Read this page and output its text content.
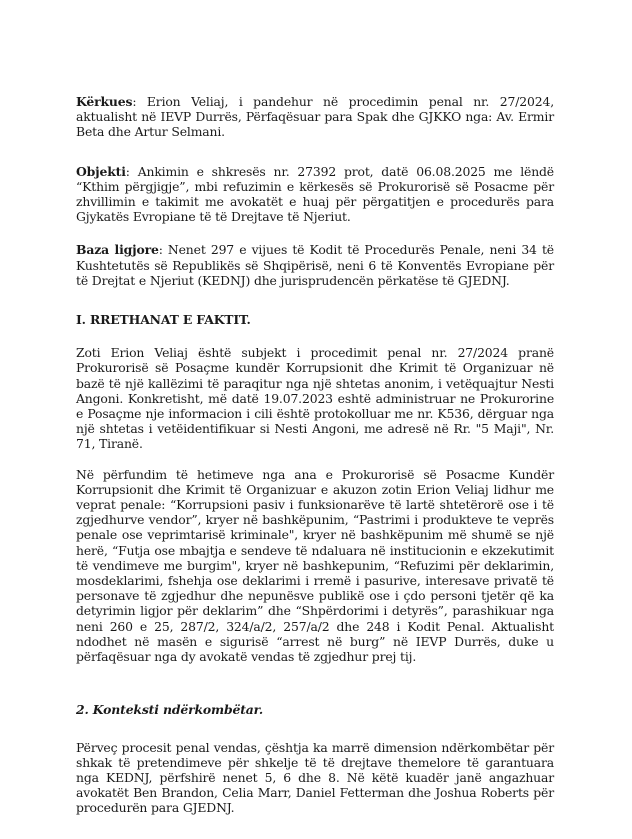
Kërkues: Erion Veliaj, i pandehur në procedimin penal nr. 27/2024, aktualisht në IEVP Durrës, Përfaqësuar para Spak dhe GJKKO nga: Av. Ermir Beta dhe Artur Selmani.

Objekti: Ankimin e shkresës nr. 27392 prot, datë 06.08.2025 me lëndë “Kthim përgjigje”, mbi refuzimin e kërkesës së Prokurorisë së Posacme për zhvillimin e takimit me avokatët e huaj për përgatitjen e procedurës para Gjykatës Evropiane të të Drejtave të Njeriut.

Baza ligjore: Nenet 297 e vijues të Kodit të Procedurës Penale, neni 34 të Kushtetutës së Republikës së Shqipërisë, neni 6 të Konventës Evropiane për të Drejtat e Njeriut (KEDNJ) dhe jurisprudencën përkatëse të GJEDNJ.

I. RRETHANAT E FAKTIT.

Zoti Erion Veliaj është subjekt i procedimit penal nr. 27/2024 pranë Prokurorisë së Posaçme kundër Korrupsionit dhe Krimit të Organizuar në bazë të një kallëzimi të paraqitur nga një shtetas anonim, i vetëquajtur Nesti Angoni. Konkretisht, më datë 19.07.2023 eshtë administruar ne Prokurorine e Posaçme nje informacion i cili është protokolluar me nr. K536, dërguar nga një shtetas i vetëidentifikuar si Nesti Angoni, me adresë në Rr. "5 Maji", Nr. 71, Tiranë.

Në përfundim të hetimeve nga ana e Prokurorisë së Posacme Kundër Korrupsionit dhe Krimit të Organizuar e akuzon zotin Erion Veliaj lidhur me veprat penale: “Korrupsioni pasiv i funksionarëve të lartë shtetërorë ose i të zgjedhurve vendor”, kryer në bashkëpunim, “Pastrimi i produkteve te veprës penale ose veprimtarisë kriminale", kryer në bashkëpunim më shumë se një herë, “Futja ose mbajtja e sendeve të ndaluara në institucionin e ekzekutimit të vendimeve me burgim", kryer në bashkepunim, “Refuzimi për deklarimin, mosdeklarimi, fshehja ose deklarimi i rremë i pasurive, interesave privatë të personave të zgjedhur dhe nepunësve publikë ose i çdo personi tjetër që ka detyrimin ligjor për deklarim” dhe “Shpërdorimi i detyrës”, parashikuar nga neni 260 e 25, 287/2, 324/a/2, 257/a/2 dhe 248 i Kodit Penal. Aktualisht ndodhet në masën e sigurisë “arrest në burg” në IEVP Durrës, duke u përfaqësuar nga dy avokatë vendas të zgjedhur prej tij.

2. Konteksti ndërkombëtar.

Përveç procesit penal vendas, çështja ka marrë dimension ndërkombëtar për shkak të pretendimeve për shkelje të të drejtave themelore të garantuara nga KEDNJ, përfshirë nenet 5, 6 dhe 8. Në këtë kuadër janë angazhuar avokatët Ben Brandon, Celia Marr, Daniel Fetterman dhe Joshua Roberts për procedurën para GJEDNJ.
